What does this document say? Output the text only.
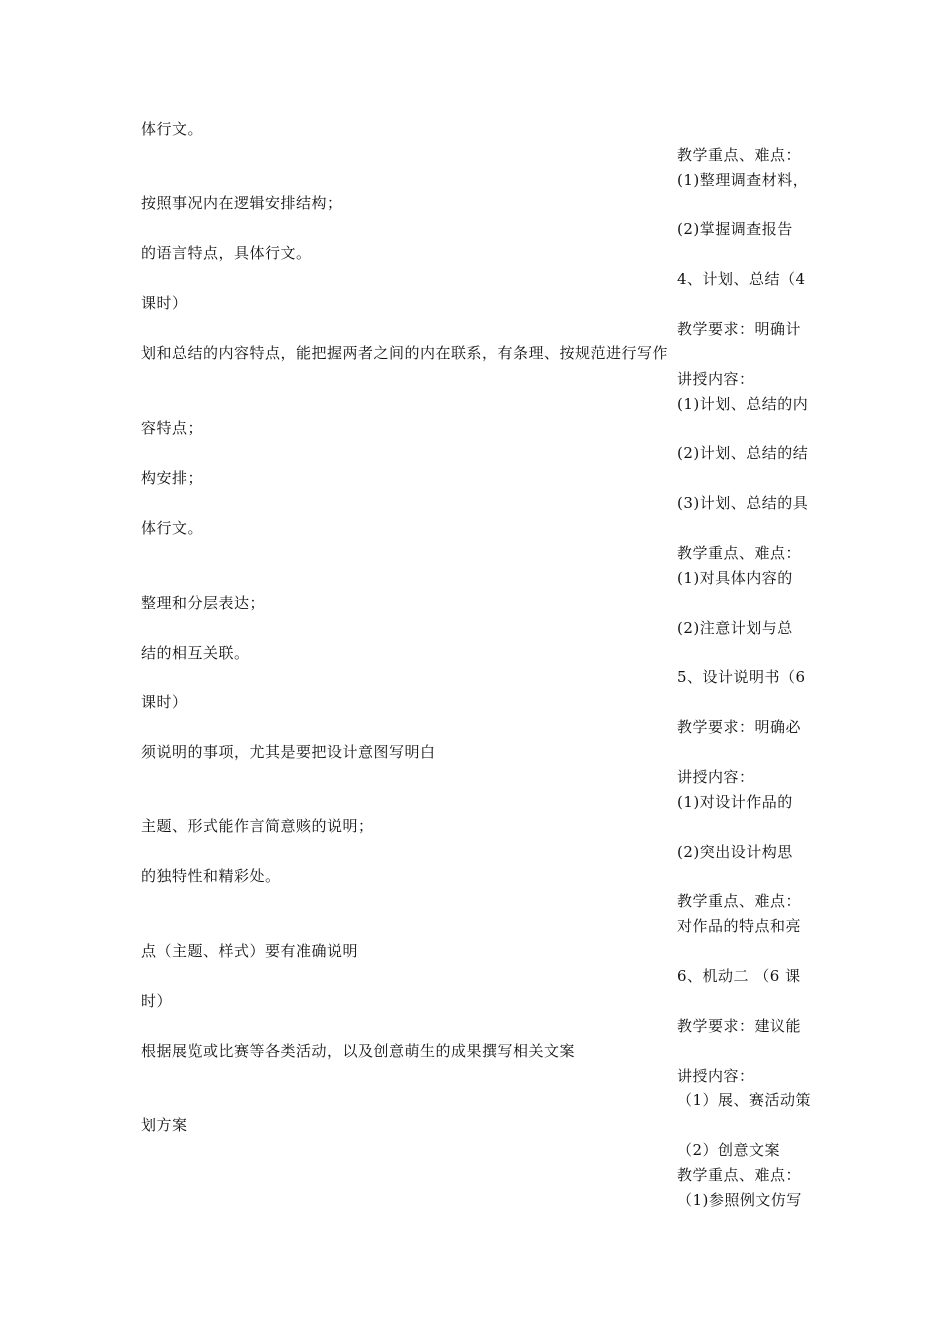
体行文。
按照事况内在逻辑安排结构；
的语言特点，具体行文。
课时）
划和总结的内容特点，能把握两者之间的内在联系，有条理、按规范进行写作
容特点；
构安排；
体行文。
整理和分层表达；
结的相互关联。
课时）
须说明的事项，尤其是要把设计意图写明白
主题、形式能作言简意赅的说明；
的独特性和精彩处。
点（主题、样式）要有准确说明
时）
根据展览或比赛等各类活动，以及创意萌生的成果撰写相关文案
划方案
教学重点、难点：
(1)整理调查材料，
(2)掌握调查报告
4、计划、总结（4
教学要求：明确计
讲授内容：
(1)计划、总结的内
(2)计划、总结的结
(3)计划、总结的具
教学重点、难点：
(1)对具体内容的
(2)注意计划与总
5、设计说明书（6
教学要求：明确必
讲授内容：
(1)对设计作品的
(2)突出设计构思
教学重点、难点：
对作品的特点和亮
6、机动二 （6 课
教学要求：建议能
讲授内容：
（1）展、赛活动策
（2）创意文案
教学重点、难点：
（1)参照例文仿写
